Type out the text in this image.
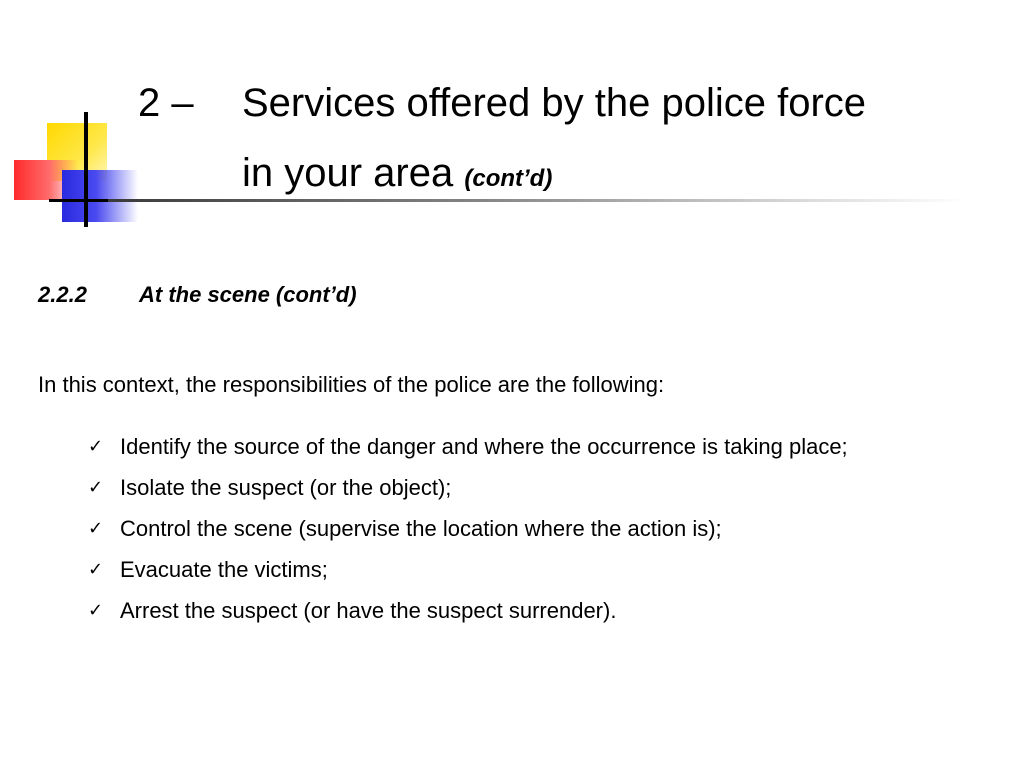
2 – Services offered by the police force
in your area (cont’d)
2.2.2 At the scene (cont’d)
In this context, the responsibilities of the police are the following:
✓ Identify the source of the danger and where the occurrence is taking place;
✓ Isolate the suspect (or the object);
✓ Control the scene (supervise the location where the action is);
✓ Evacuate the victims;
✓ Arrest the suspect (or have the suspect surrender).
